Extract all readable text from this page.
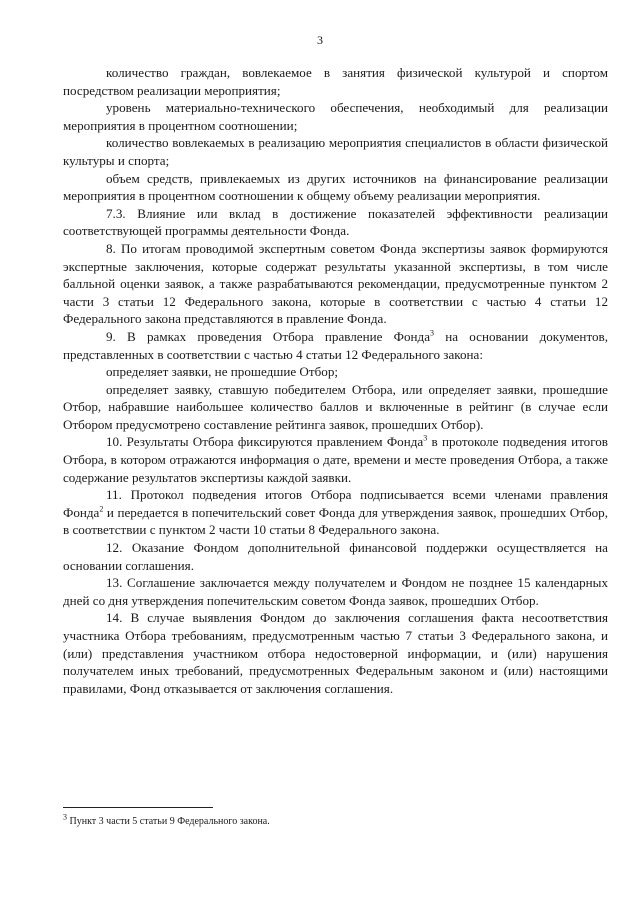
3

количество граждан, вовлекаемое в занятия физической культурой и спортом посредством реализации мероприятия;

уровень материально-технического обеспечения, необходимый для реализации мероприятия в процентном соотношении;

количество вовлекаемых в реализацию мероприятия специалистов в области физической культуры и спорта;

объем средств, привлекаемых из других источников на финансирование реализации мероприятия в процентном соотношении к общему объему реализации мероприятия.

7.3. Влияние или вклад в достижение показателей эффективности реализации соответствующей программы деятельности Фонда.

8. По итогам проводимой экспертным советом Фонда экспертизы заявок формируются экспертные заключения, которые содержат результаты указанной экспертизы, в том числе балльной оценки заявок, а также разрабатываются рекомендации, предусмотренные пунктом 2 части 3 статьи 12 Федерального закона, которые в соответствии с частью 4 статьи 12 Федерального закона представляются в правление Фонда.

9. В рамках проведения Отбора правление Фонда$^3$ на основании документов, представленных в соответствии с частью 4 статьи 12 Федерального закона:

определяет заявки, не прошедшие Отбор;

определяет заявку, ставшую победителем Отбора, или определяет заявки, прошедшие Отбор, набравшие наибольшее количество баллов и включенные в рейтинг (в случае если Отбором предусмотрено составление рейтинга заявок, прошедших Отбор).

10. Результаты Отбора фиксируются правлением Фонда$^3$ в протоколе подведения итогов Отбора, в котором отражаются информация о дате, времени и месте проведения Отбора, а также содержание результатов экспертизы каждой заявки.

11. Протокол подведения итогов Отбора подписывается всеми членами правления Фонда$^2$ и передается в попечительский совет Фонда для утверждения заявок, прошедших Отбор, в соответствии с пунктом 2 части 10 статьи 8 Федерального закона.

12. Оказание Фондом дополнительной финансовой поддержки осуществляется на основании соглашения.

13. Соглашение заключается между получателем и Фондом не позднее 15 календарных дней со дня утверждения попечительским советом Фонда заявок, прошедших Отбор.

14. В случае выявления Фондом до заключения соглашения факта несоответствия участника Отбора требованиям, предусмотренным частью 7 статьи 3 Федерального закона, и (или) представления участником отбора недостоверной информации, и (или) нарушения получателем иных требований, предусмотренных Федеральным законом и (или) настоящими правилами, Фонд отказывается от заключения соглашения.

$^3$ Пункт 3 части 5 статьи 9 Федерального закона.
